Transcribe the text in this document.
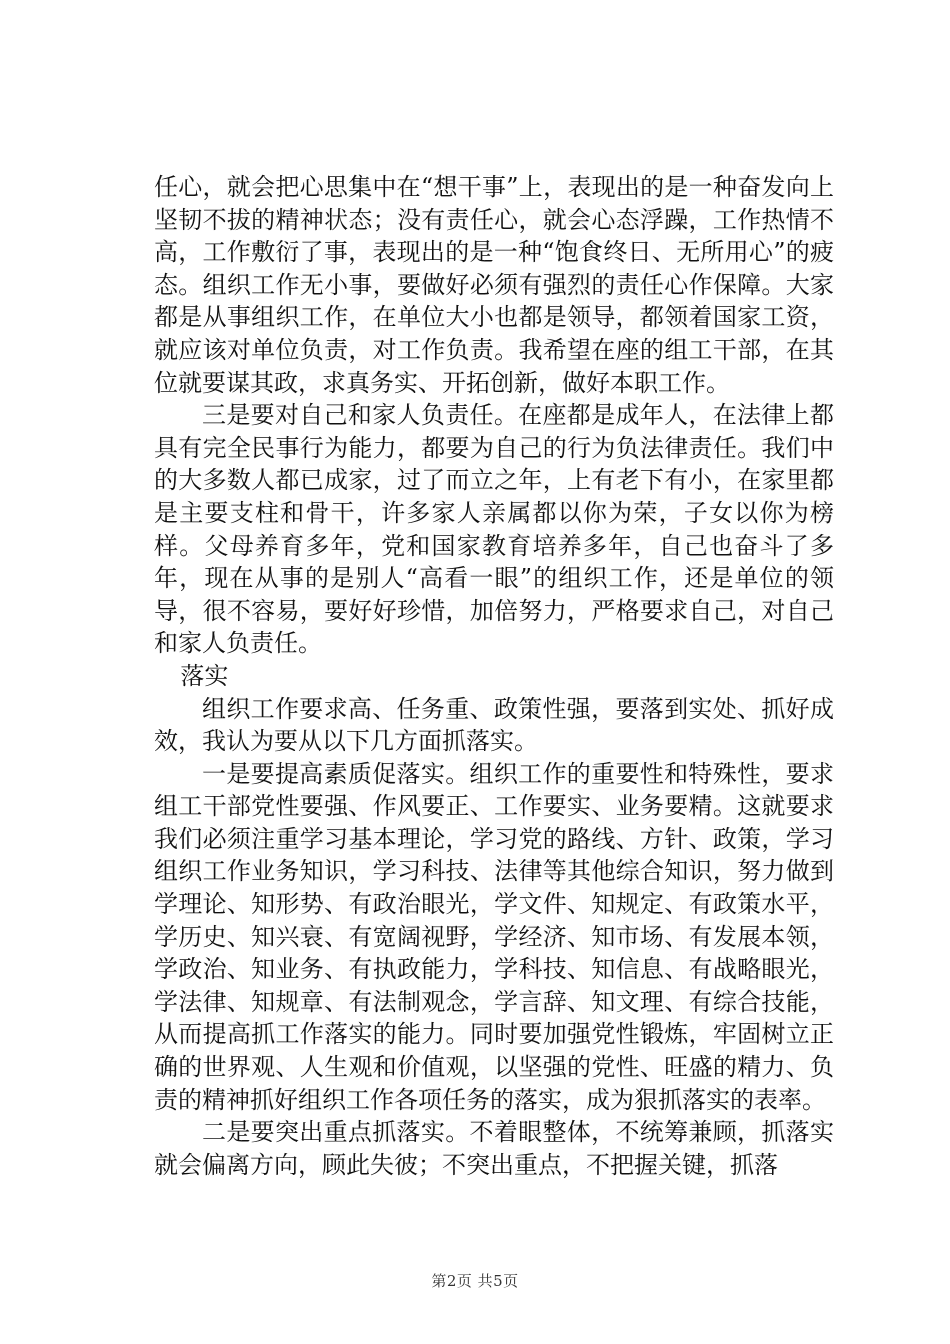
任心，就会把心思集中在“想干事”上，表现出的是一种奋发向上坚韧不拔的精神状态；没有责任心，就会心态浮躁，工作热情不高，工作敷衍了事，表现出的是一种“饱食终日、无所用心”的疲态。组织工作无小事，要做好必须有强烈的责任心作保障。大家都是从事组织工作，在单位大小也都是领导，都领着国家工资，就应该对单位负责，对工作负责。我希望在座的组工干部，在其位就要谋其政，求真务实、开拓创新，做好本职工作。

三是要对自己和家人负责任。在座都是成年人，在法律上都具有完全民事行为能力，都要为自己的行为负法律责任。我们中的大多数人都已成家，过了而立之年，上有老下有小，在家里都是主要支柱和骨干，许多家人亲属都以你为荣，子女以你为榜样。父母养育多年，党和国家教育培养多年，自己也奋斗了多年，现在从事的是别人“高看一眼”的组织工作，还是单位的领导，很不容易，要好好珍惜，加倍努力，严格要求自己，对自己和家人负责任。

落实

组织工作要求高、任务重、政策性强，要落到实处、抓好成效，我认为要从以下几方面抓落实。

一是要提高素质促落实。组织工作的重要性和特殊性，要求组工干部党性要强、作风要正、工作要实、业务要精。这就要求我们必须注重学习基本理论，学习党的路线、方针、政策，学习组织工作业务知识，学习科技、法律等其他综合知识，努力做到学理论、知形势、有政治眼光，学文件、知规定、有政策水平，学历史、知兴衰、有宽阔视野，学经济、知市场、有发展本领，学政治、知业务、有执政能力，学科技、知信息、有战略眼光，学法律、知规章、有法制观念，学言辞、知文理、有综合技能，从而提高抓工作落实的能力。同时要加强党性锻炼，牢固树立正确的世界观、人生观和价值观，以坚强的党性、旺盛的精力、负责的精神抓好组织工作各项任务的落实，成为狠抓落实的表率。

二是要突出重点抓落实。不着眼整体，不统筹兼顾，抓落实就会偏离方向，顾此失彼；不突出重点，不把握关键，抓落

第2页 共5页
